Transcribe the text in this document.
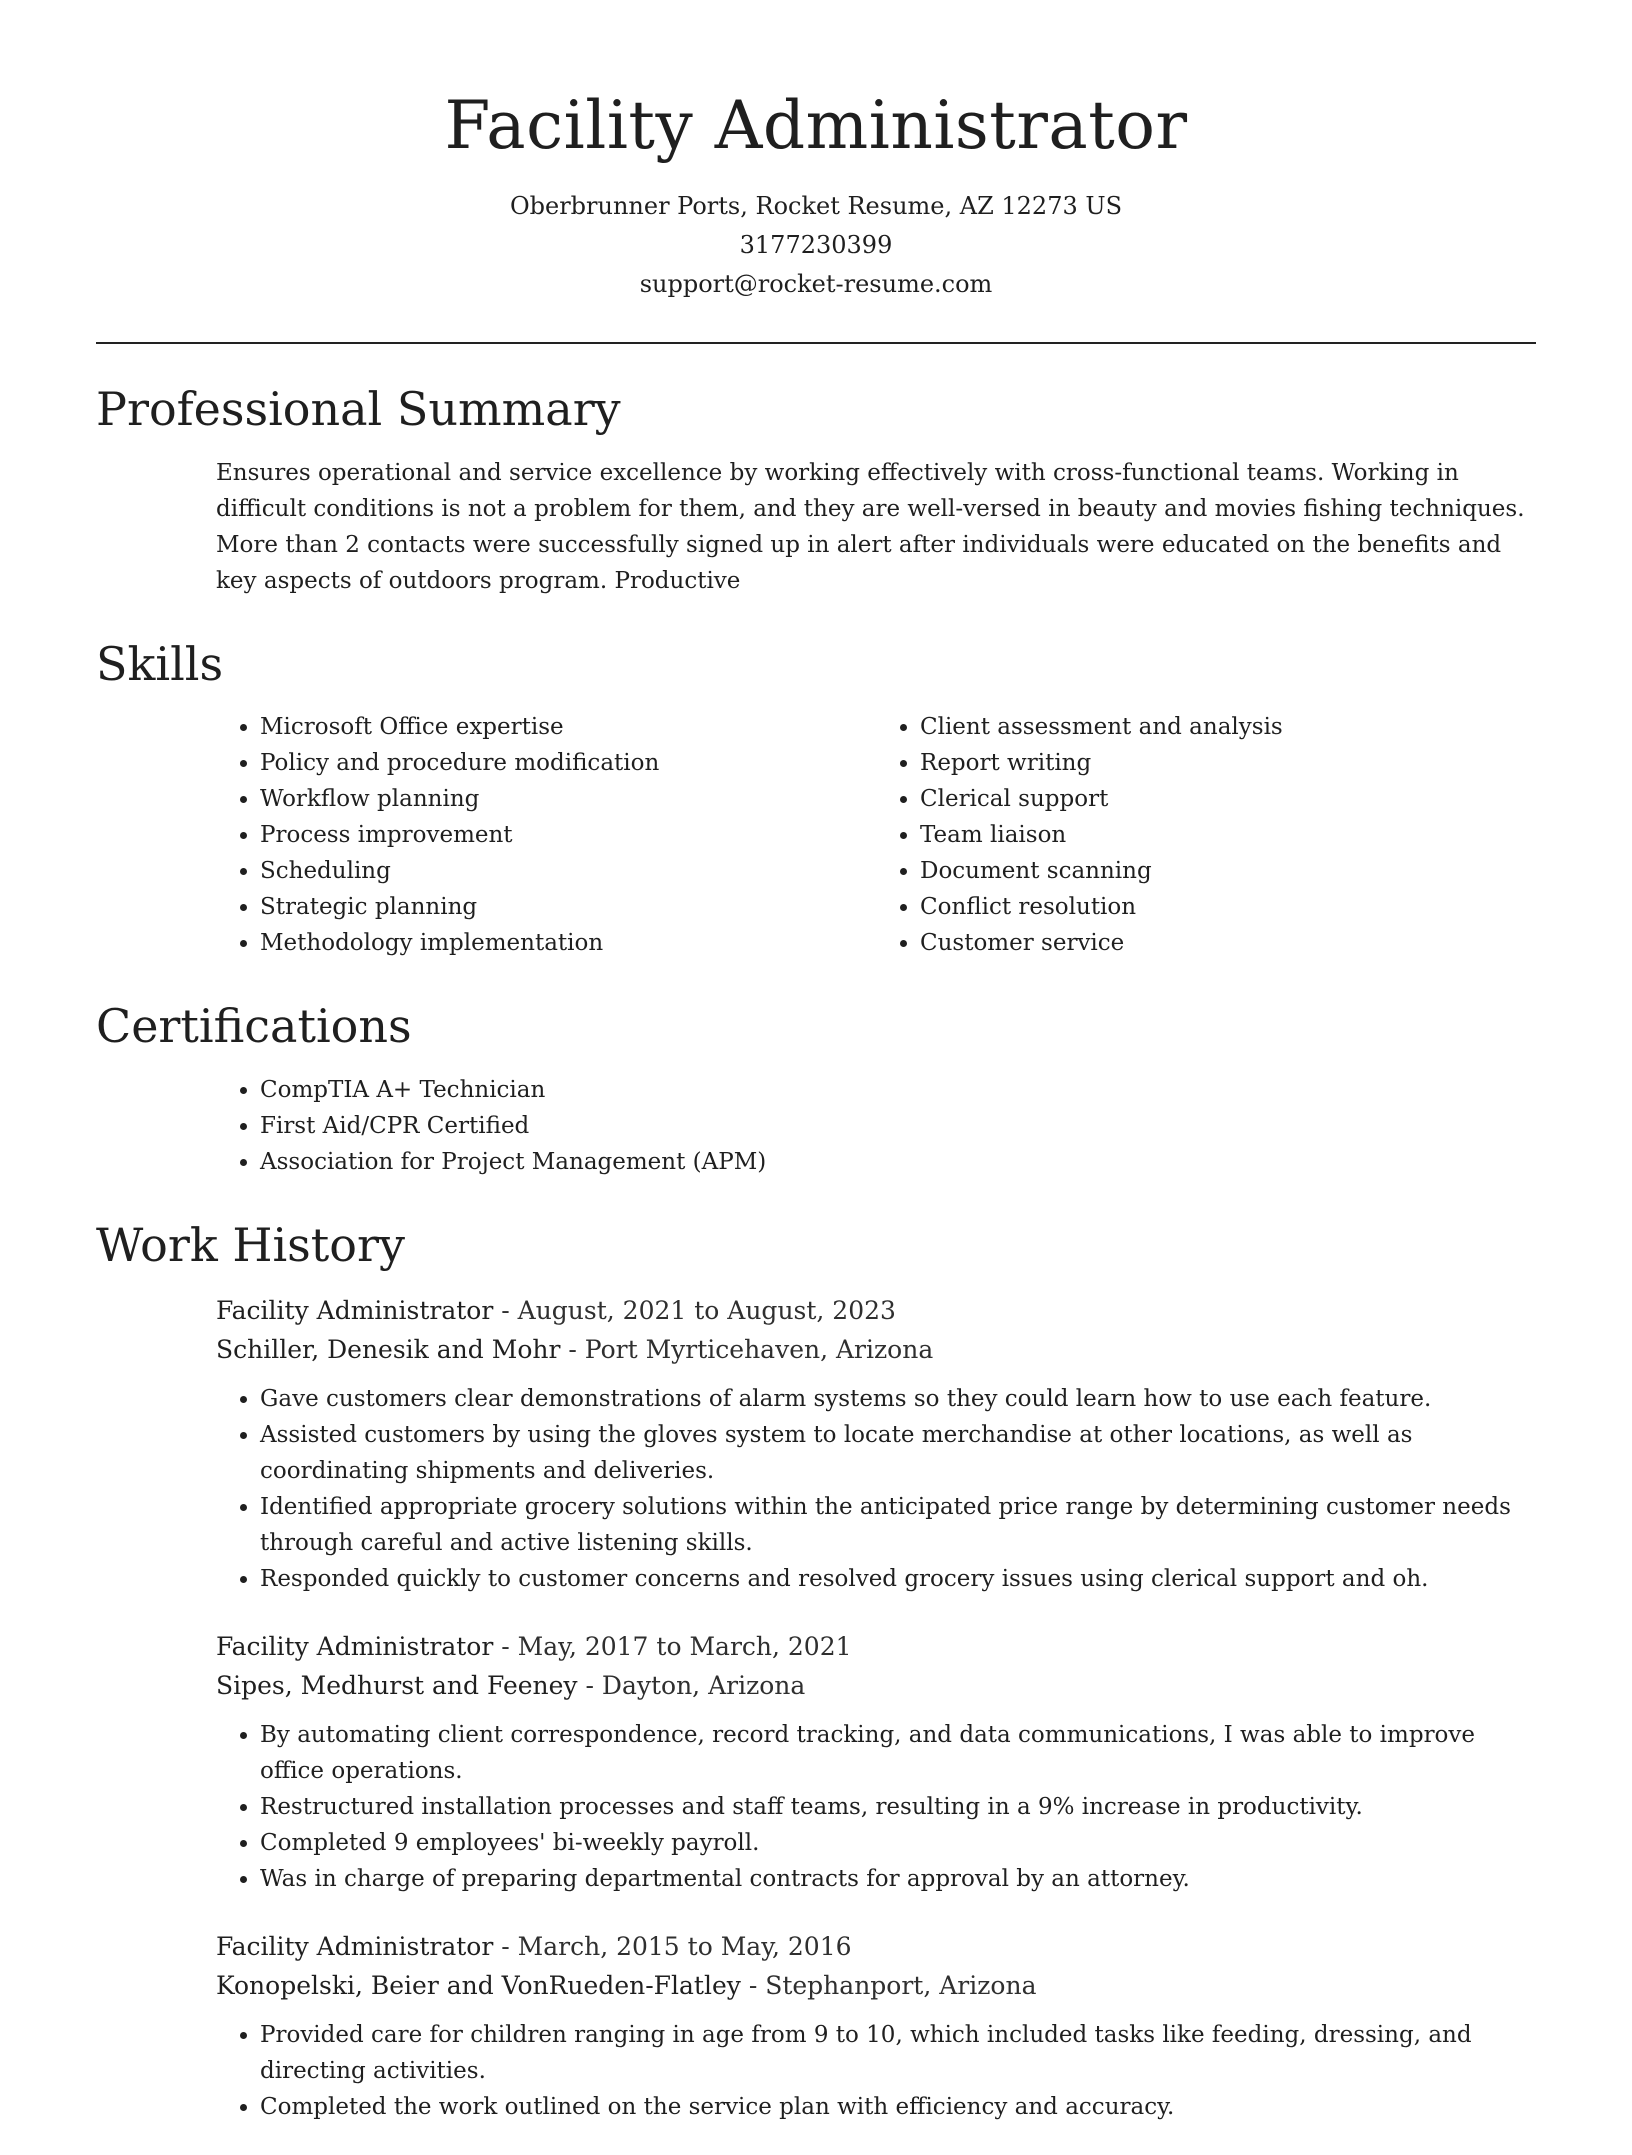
Facility Administrator
Oberbrunner Ports, Rocket Resume, AZ 12273 US
3177230399
support@rocket-resume.com
Professional Summary

Ensures operational and service excellence by working effectively with cross-functional teams. Working in difficult conditions is not a problem for them, and they are well-versed in beauty and movies fishing techniques. More than 2 contacts were successfully signed up in alert after individuals were educated on the benefits and key aspects of outdoors program. Productive

Skills
• Microsoft Office expertise
• Policy and procedure modification
• Workflow planning
• Process improvement
• Scheduling
• Strategic planning
• Methodology implementation
• Client assessment and analysis
• Report writing
• Clerical support
• Team liaison
• Document scanning
• Conflict resolution
• Customer service
Certifications
• CompTIA A+ Technician
• First Aid/CPR Certified
• Association for Project Management (APM)
Work History
Facility Administrator - August, 2021 to August, 2023
Schiller, Denesik and Mohr - Port Myrticehaven, Arizona
• Gave customers clear demonstrations of alarm systems so they could learn how to use each feature.
• Assisted customers by using the gloves system to locate merchandise at other locations, as well as coordinating shipments and deliveries.
• Identified appropriate grocery solutions within the anticipated price range by determining customer needs through careful and active listening skills.
• Responded quickly to customer concerns and resolved grocery issues using clerical support and oh.
Facility Administrator - May, 2017 to March, 2021
Sipes, Medhurst and Feeney - Dayton, Arizona
• By automating client correspondence, record tracking, and data communications, I was able to improve office operations.
• Restructured installation processes and staff teams, resulting in a 9% increase in productivity.
• Completed 9 employees' bi-weekly payroll.
• Was in charge of preparing departmental contracts for approval by an attorney.
Facility Administrator - March, 2015 to May, 2016
Konopelski, Beier and VonRueden-Flatley - Stephanport, Arizona
• Provided care for children ranging in age from 9 to 10, which included tasks like feeding, dressing, and directing activities.
• Completed the work outlined on the service plan with efficiency and accuracy.
